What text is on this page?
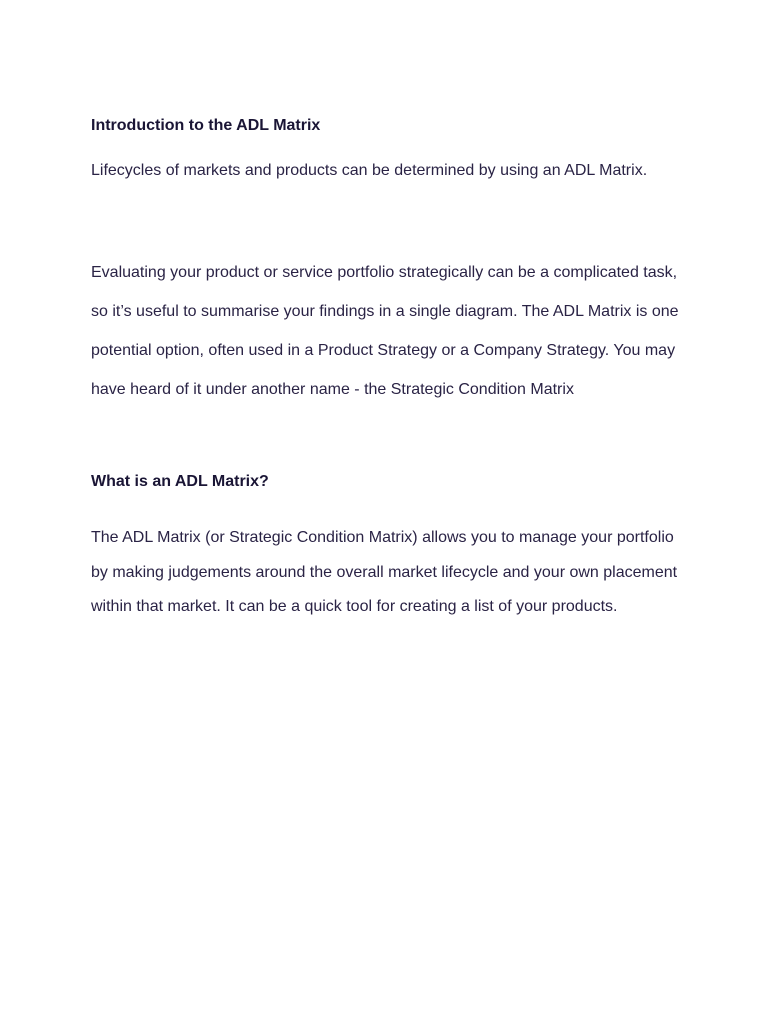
Introduction to the ADL Matrix

Lifecycles of markets and products can be determined by using an ADL Matrix.

Evaluating your product or service portfolio strategically can be a complicated task, so it’s useful to summarise your findings in a single diagram. The ADL Matrix is one potential option, often used in a Product Strategy or a Company Strategy. You may have heard of it under another name - the Strategic Condition Matrix

What is an ADL Matrix?

The ADL Matrix (or Strategic Condition Matrix) allows you to manage your portfolio by making judgements around the overall market lifecycle and your own placement within that market. It can be a quick tool for creating a list of your products.
